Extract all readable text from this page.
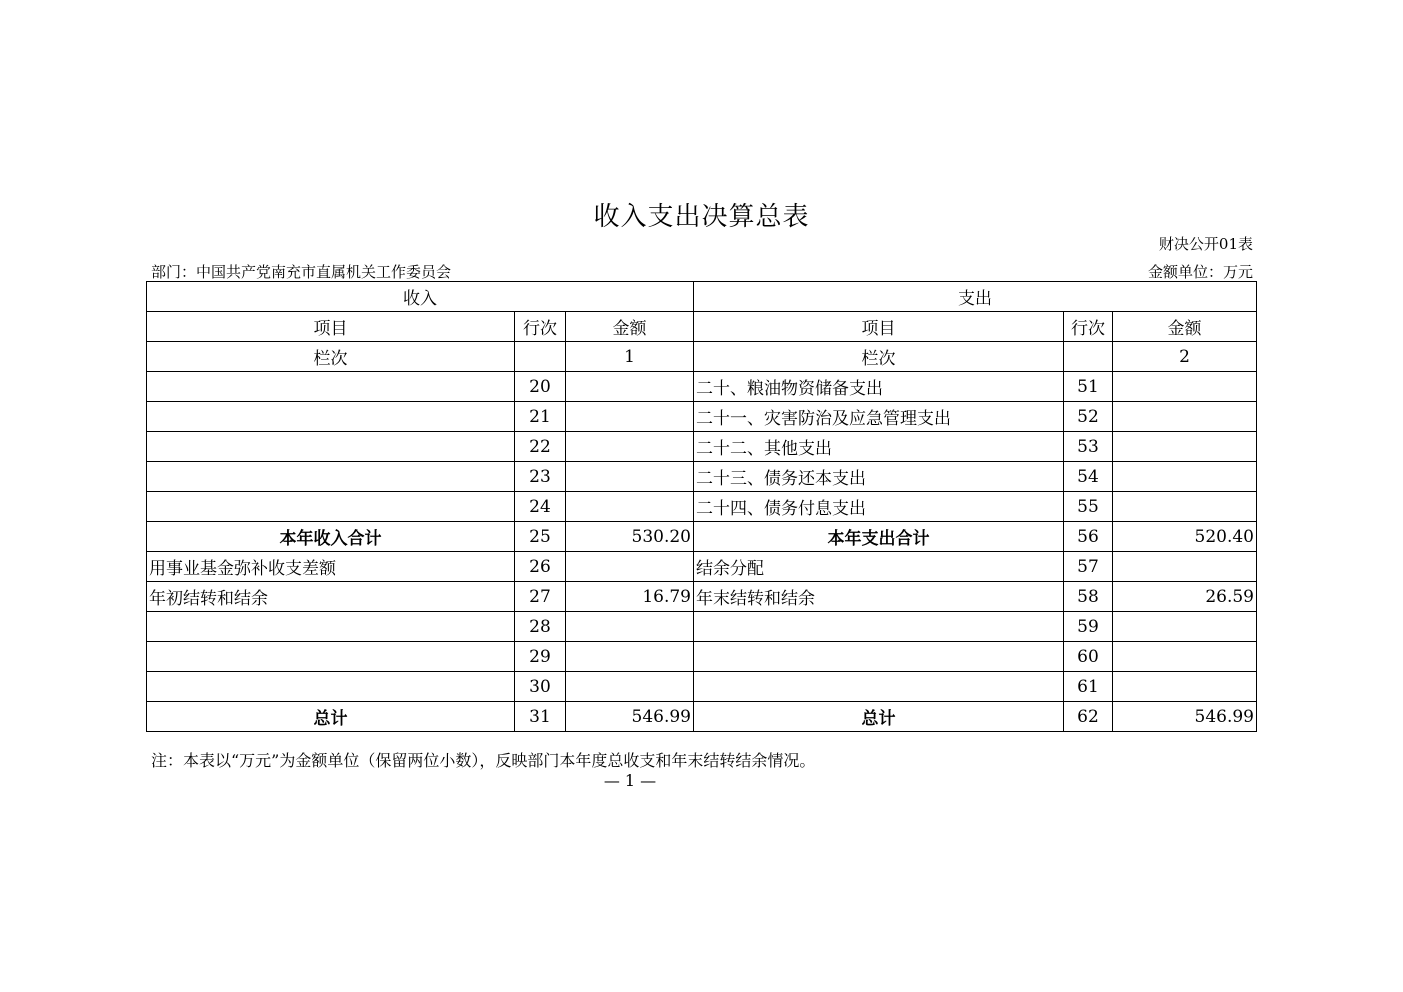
收入支出决算总表
财决公开01表
部门：中国共产党南充市直属机关工作委员会	金额单位：万元
收入			支出		
项目	行次	金额	项目	行次	金额
栏次		1	栏次		2
	20		二十、粮油物资储备支出	51	
	21		二十一、灾害防治及应急管理支出	52	
	22		二十二、其他支出	53	
	23		二十三、债务还本支出	54	
	24		二十四、债务付息支出	55	
本年收入合计	25	530.20	本年支出合计	56	520.40
用事业基金弥补收支差额	26		结余分配	57	
年初结转和结余	27	16.79	年末结转和结余	58	26.59
	28			59	
	29			60	
	30			61	
总计	31	546.99	总计	62	546.99
注：本表以“万元”为金额单位（保留两位小数），反映部门本年度总收支和年末结转结余情况。
— 1 —
